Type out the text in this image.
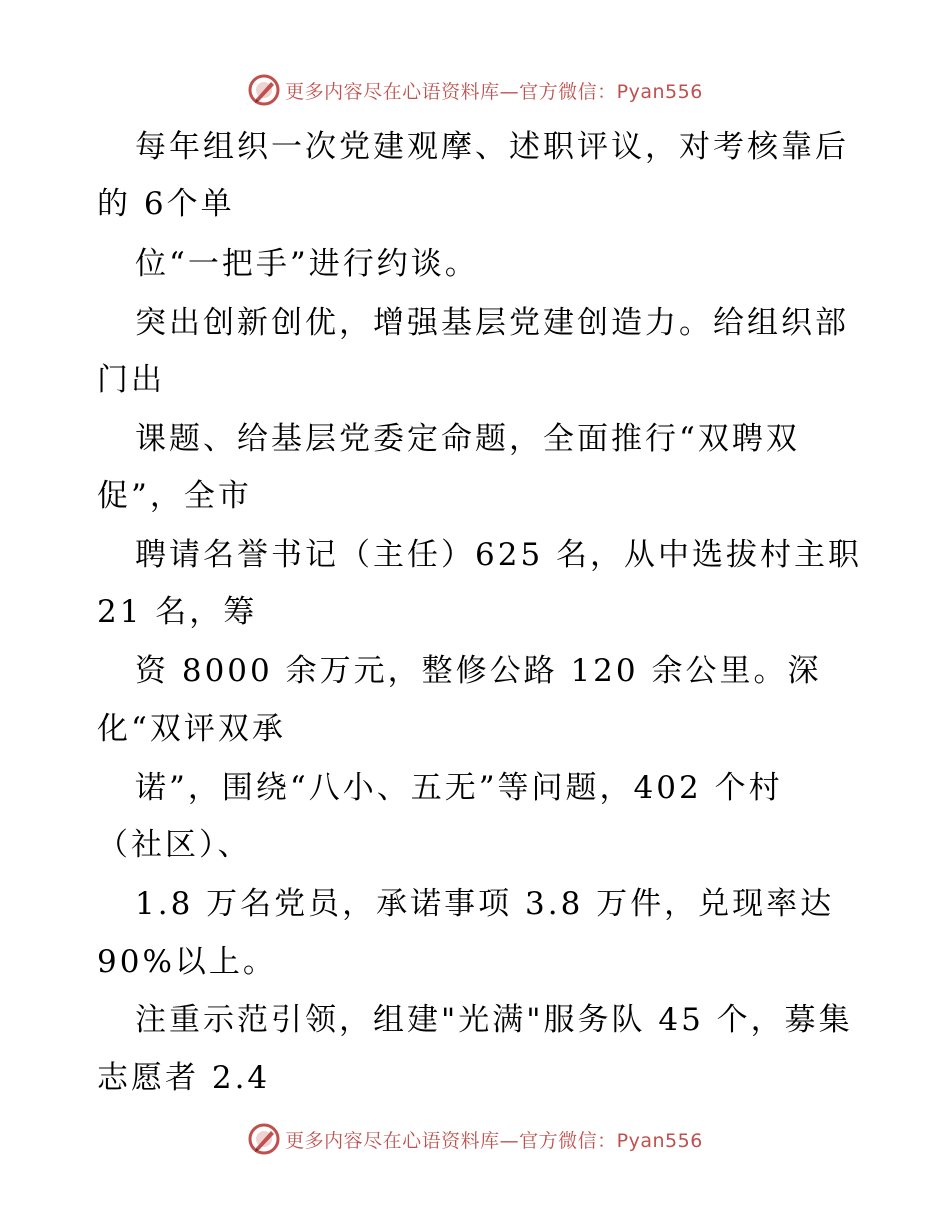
更多内容尽在心语资料库—官方微信：Pyan556
每年组织一次党建观摩、述职评议，对考核靠后
的 6个单
位“一把手”进行约谈。
突出创新创优，增强基层党建创造力。给组织部
门出
课题、给基层党委定命题，全面推行“双聘双
促”，全市
聘请名誉书记（主任）625 名，从中选拔村主职
21 名，筹
资 8000 余万元，整修公路 120 余公里。深
化“双评双承
诺”，围绕“八小、五无”等问题，402 个村
（社区）、
1.8 万名党员，承诺事项 3.8 万件，兑现率达
90%以上。
注重示范引领，组建"光满"服务队 45 个，募集
志愿者 2.4
更多内容尽在心语资料库—官方微信：Pyan556
